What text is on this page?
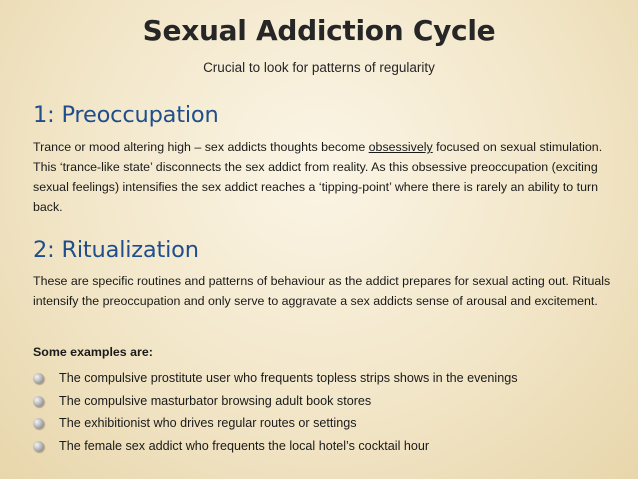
Sexual Addiction Cycle
Crucial to look for patterns of regularity
1: Preoccupation
Trance or mood altering high – sex addicts thoughts become obsessively focused on sexual stimulation. This ‘trance-like state’ disconnects the sex addict from reality. As this obsessive preoccupation (exciting sexual feelings) intensifies the sex addict reaches a ‘tipping-point’ where there is rarely an ability to turn back.
2: Ritualization
These are specific routines and patterns of behaviour as the addict prepares for sexual acting out. Rituals intensify the preoccupation and only serve to aggravate a sex addicts sense of arousal and excitement.
Some examples are:
The compulsive prostitute user who frequents topless strips shows in the evenings
The compulsive masturbator browsing adult book stores
The exhibitionist who drives regular routes or settings
The female sex addict who frequents the local hotel’s cocktail hour
